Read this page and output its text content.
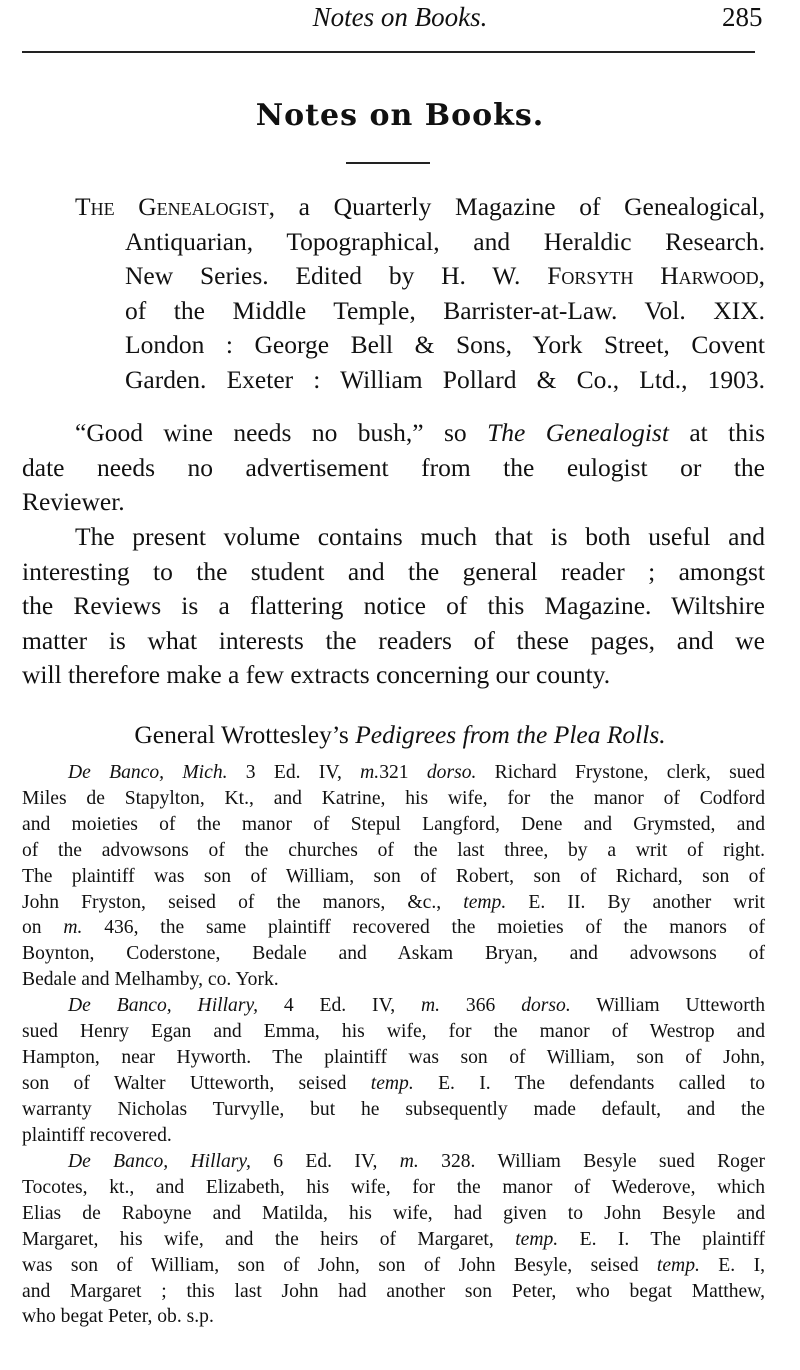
Notes on Books.	285
Notes on Books.
The Genealogist, a Quarterly Magazine of Genealogical,
Antiquarian, Topographical, and Heraldic Research.
New Series. Edited by H. W. Forsyth Harwood,
of the Middle Temple, Barrister-at-Law. Vol. XIX.
London : George Bell & Sons, York Street, Covent
Garden. Exeter : William Pollard & Co., Ltd., 1903.
“Good wine needs no bush,” so The Genealogist at this
date needs no advertisement from the eulogist or the
Reviewer.
The present volume contains much that is both useful and
interesting to the student and the general reader ; amongst
the Reviews is a flattering notice of this Magazine. Wiltshire
matter is what interests the readers of these pages, and we
will therefore make a few extracts concerning our county.
General Wrottesley’s Pedigrees from the Plea Rolls.
De Banco, Mich. 3 Ed. IV, m.321 dorso. Richard Frystone, clerk, sued
Miles de Stapylton, Kt., and Katrine, his wife, for the manor of Codford
and moieties of the manor of Stepul Langford, Dene and Grymsted, and
of the advowsons of the churches of the last three, by a writ of right.
The plaintiff was son of William, son of Robert, son of Richard, son of
John Fryston, seised of the manors, &c., temp. E. II. By another writ
on m. 436, the same plaintiff recovered the moieties of the manors of
Boynton, Coderstone, Bedale and Askam Bryan, and advowsons of
Bedale and Melhamby, co. York.
De Banco, Hillary, 4 Ed. IV, m. 366 dorso. William Utteworth
sued Henry Egan and Emma, his wife, for the manor of Westrop and
Hampton, near Hyworth. The plaintiff was son of William, son of John,
son of Walter Utteworth, seised temp. E. I. The defendants called to
warranty Nicholas Turvylle, but he subsequently made default, and the
plaintiff recovered.
De Banco, Hillary, 6 Ed. IV, m. 328. William Besyle sued Roger
Tocotes, kt., and Elizabeth, his wife, for the manor of Wederove, which
Elias de Raboyne and Matilda, his wife, had given to John Besyle and
Margaret, his wife, and the heirs of Margaret, temp. E. I. The plaintiff
was son of William, son of John, son of John Besyle, seised temp. E. I,
and Margaret ; this last John had another son Peter, who begat Matthew,
who begat Peter, ob. s.p.
